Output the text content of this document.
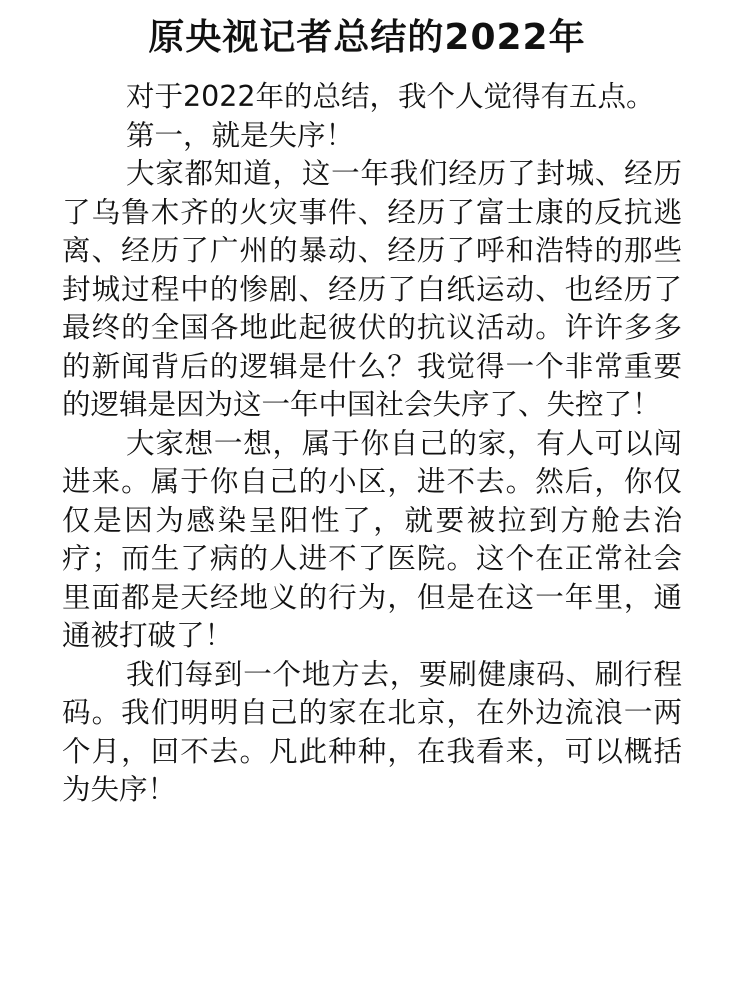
原央视记者总结的2022年

对于2022年的总结，我个人觉得有五点。

第一，就是失序！

大家都知道，这一年我们经历了封城、经历了乌鲁木齐的火灾事件、经历了富士康的反抗逃离、经历了广州的暴动、经历了呼和浩特的那些封城过程中的惨剧、经历了白纸运动、也经历了最终的全国各地此起彼伏的抗议活动。许许多多的新闻背后的逻辑是什么？我觉得一个非常重要的逻辑是因为这一年中国社会失序了、失控了！

大家想一想，属于你自己的家，有人可以闯进来。属于你自己的小区，进不去。然后，你仅仅是因为感染呈阳性了，就要被拉到方舱去治疗；而生了病的人进不了医院。这个在正常社会里面都是天经地义的行为，但是在这一年里，通通被打破了！

我们每到一个地方去，要刷健康码、刷行程码。我们明明自己的家在北京，在外边流浪一两个月，回不去。凡此种种，在我看来，可以概括为失序！
